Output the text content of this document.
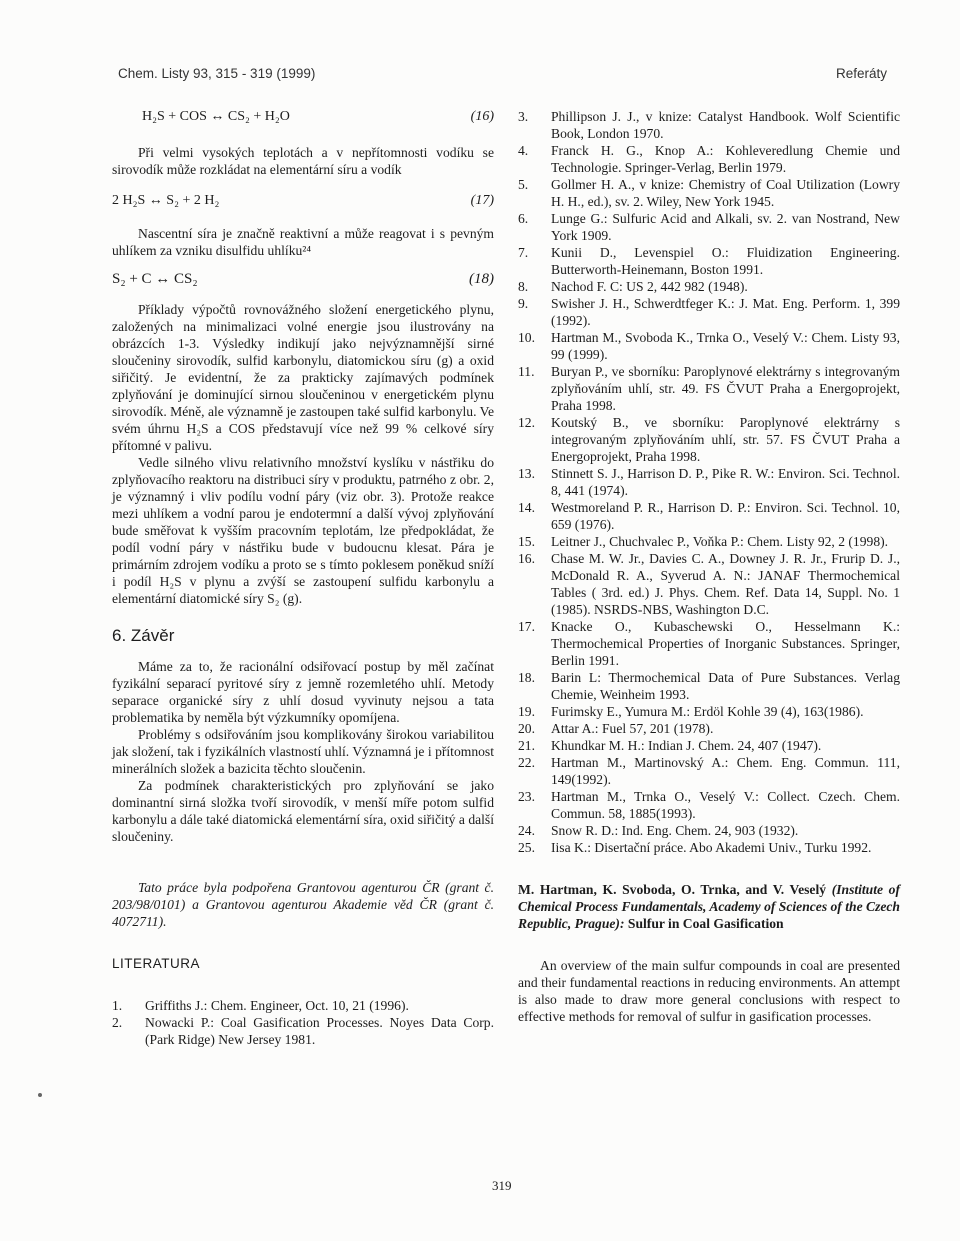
Chem. Listy 93, 315 - 319 (1999)	Referáty
H₂S + COS ↔ CS₂ + H₂O	(16)

Při velmi vysokých teplotách a v nepřítomnosti vodíku se sirovodík může rozkládat na elementární síru a vodík

2 H₂S ↔ S₂ + 2 H₂	(17)

Nascentní síra je značně reaktivní a může reagovat i s pevným uhlíkem za vzniku disulfidu uhlíku²⁴

S₂ + C ↔ CS₂	(18)

Příklady výpočtů rovnovážného složení energetického plynu, založených na minimalizaci volné energie jsou ilustrovány na obrázcích 1-3. Výsledky indikují jako nejvýznamnější sirné sloučeniny sirovodík, sulfid karbonylu, diatomickou síru (g) a oxid siřičitý. Je evidentní, že za prakticky zajímavých podmínek zplyňování je dominující sirnou sloučeninou v energetickém plynu sirovodík. Méně, ale významně je zastoupen také sulfid karbonylu. Ve svém úhrnu H₂S a COS představují více než 99 % celkové síry přítomné v palivu.

Vedle silného vlivu relativního množství kyslíku v nástřiku do zplyňovacího reaktoru na distribuci síry v produktu, patrného z obr. 2, je významný i vliv podílu vodní páry (viz obr. 3). Protože reakce mezi uhlíkem a vodní parou je endotermní a další vývoj zplyňování bude směřovat k vyšším pracovním teplotám, lze předpokládat, že podíl vodní páry v nástřiku bude v budoucnu klesat. Pára je primárním zdrojem vodíku a proto se s tímto poklesem poněkud sníží i podíl H₂S v plynu a zvýší se zastoupení sulfidu karbonylu a elementární diatomické síry S₂ (g).

6. Závěr

Máme za to, že racionální odsiřovací postup by měl začínat fyzikální separací pyritové síry z jemně rozemletého uhlí. Metody separace organické síry z uhlí dosud vyvinuty nejsou a tata problematika by neměla být výzkumníky opomíjena.

Problémy s odsiřováním jsou komplikovány širokou variabilitou jak složení, tak i fyzikálních vlastností uhlí. Významná je i přítomnost minerálních složek a bazicita těchto sloučenin.

Za podmínek charakteristických pro zplyňování se jako dominantní sirná složka tvoří sirovodík, v menší míře potom sulfid karbonylu a dále také diatomická elementární síra, oxid siřičitý a další sloučeniny.

Tato práce byla podpořena Grantovou agenturou ČR (grant č. 203/98/0101) a Grantovou agenturou Akademie věd ČR (grant č. 4072711).

LITERATURA
1. Griffiths J.: Chem. Engineer, Oct. 10, 21 (1996).
2. Nowacki P.: Coal Gasification Processes. Noyes Data Corp. (Park Ridge) New Jersey 1981.
3. Phillipson J. J., v knize: Catalyst Handbook. Wolf Scientific Book, London 1970.
4. Franck H. G., Knop A.: Kohleveredlung Chemie und Technologie. Springer-Verlag, Berlin 1979.
5. Gollmer H. A., v knize: Chemistry of Coal Utilization (Lowry H. H., ed.), sv. 2. Wiley, New York 1945.
6. Lunge G.: Sulfuric Acid and Alkali, sv. 2. van Nostrand, New York 1909.
7. Kunii D., Levenspiel O.: Fluidization Engineering. Butterworth-Heinemann, Boston 1991.
8. Nachod F. C: US 2, 442 982 (1948).
9. Swisher J. H., Schwerdtfeger K.: J. Mat. Eng. Perform. 1, 399 (1992).
10. Hartman M., Svoboda K., Trnka O., Veselý V.: Chem. Listy 93, 99 (1999).
11. Buryan P., ve sborníku: Paroplynové elektrárny s integrovaným zplyňováním uhlí, str. 49. FS ČVUT Praha a Energoprojekt, Praha 1998.
12. Koutský B., ve sborníku: Paroplynové elektrárny s integrovaným zplyňováním uhlí, str. 57. FS ČVUT Praha a Energoprojekt, Praha 1998.
13. Stinnett S. J., Harrison D. P., Pike R. W.: Environ. Sci. Technol. 8, 441 (1974).
14. Westmoreland P. R., Harrison D. P.: Environ. Sci. Technol. 10, 659 (1976).
15. Leitner J., Chuchvalec P., Voňka P.: Chem. Listy 92, 2 (1998).
16. Chase M. W. Jr., Davies C. A., Downey J. R. Jr., Frurip D. J., McDonald R. A., Syverud A. N.: JANAF Thermochemical Tables ( 3rd. ed.) J. Phys. Chem. Ref. Data 14, Suppl. No. 1 (1985). NSRDS-NBS, Washington D.C.
17. Knacke O., Kubaschewski O., Hesselmann K.: Thermochemical Properties of Inorganic Substances. Springer, Berlin 1991.
18. Barin L: Thermochemical Data of Pure Substances. Verlag Chemie, Weinheim 1993.
19. Furimsky E., Yumura M.: Erdöl Kohle 39 (4), 163(1986).
20. Attar A.: Fuel 57, 201 (1978).
21. Khundkar M. H.: Indian J. Chem. 24, 407 (1947).
22. Hartman M., Martinovský A.: Chem. Eng. Commun. 111, 149(1992).
23. Hartman M., Trnka O., Veselý V.: Collect. Czech. Chem. Commun. 58, 1885(1993).
24. Snow R. D.: Ind. Eng. Chem. 24, 903 (1932).
25. Iisa K.: Disertační práce. Abo Akademi Univ., Turku 1992.
M. Hartman, K. Svoboda, O. Trnka, and V. Veselý (Institute of Chemical Process Fundamentals, Academy of Sciences of the Czech Republic, Prague): Sulfur in Coal Gasification

An overview of the main sulfur compounds in coal are presented and their fundamental reactions in reducing environments. An attempt is also made to draw more general conclusions with respect to effective methods for removal of sulfur in gasification processes.

319
